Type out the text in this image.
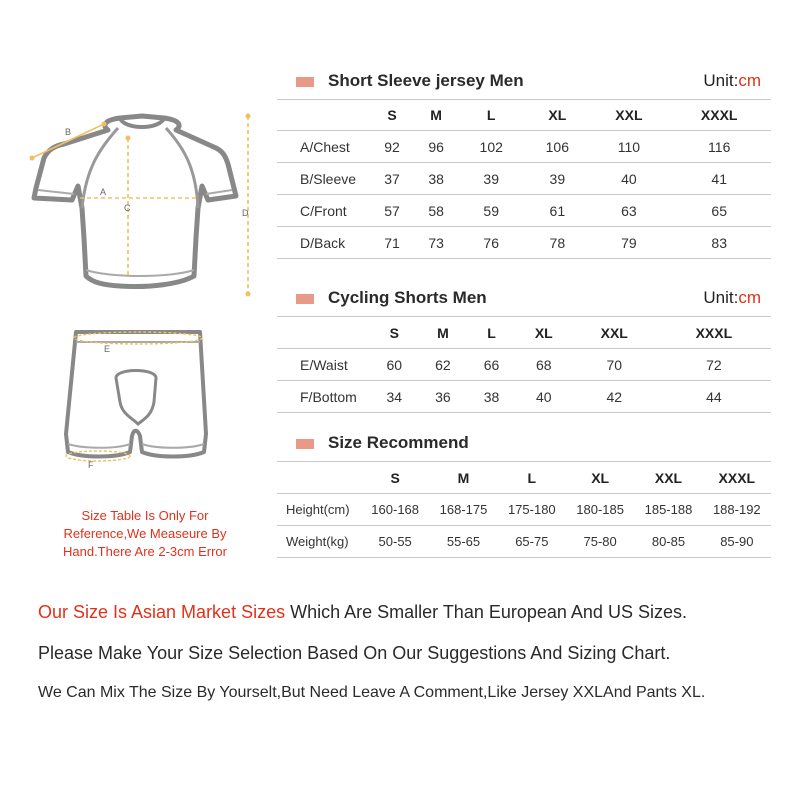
B
A
C	D
E
F
Size Table Is Only For Reference,We Measeure By Hand.There Are 2-3cm Error
Short Sleeve jersey Men	Unit:cm
	S	M	L	XL	XXL	XXXL
A/Chest	92	96	102	106	110	116
B/Sleeve	37	38	39	39	40	41
C/Front	57	58	59	61	63	65
D/Back	71	73	76	78	79	83
Cycling Shorts Men	Unit:cm
	S	M	L	XL	XXL	XXXL
E/Waist	60	62	66	68	70	72
F/Bottom	34	36	38	40	42	44
Size Recommend
	S	M	L	XL	XXL	XXXL
Height(cm)	160-168	168-175	175-180	180-185	185-188	188-192
Weight(kg)	50-55	55-65	65-75	75-80	80-85	85-90
Our Size Is Asian Market Sizes Which Are Smaller Than European And US Sizes.
Please Make Your Size Selection Based On Our Suggestions And Sizing Chart.
We Can Mix The Size By Yourselt,But Need Leave A Comment,Like Jersey XXLAnd Pants XL.
